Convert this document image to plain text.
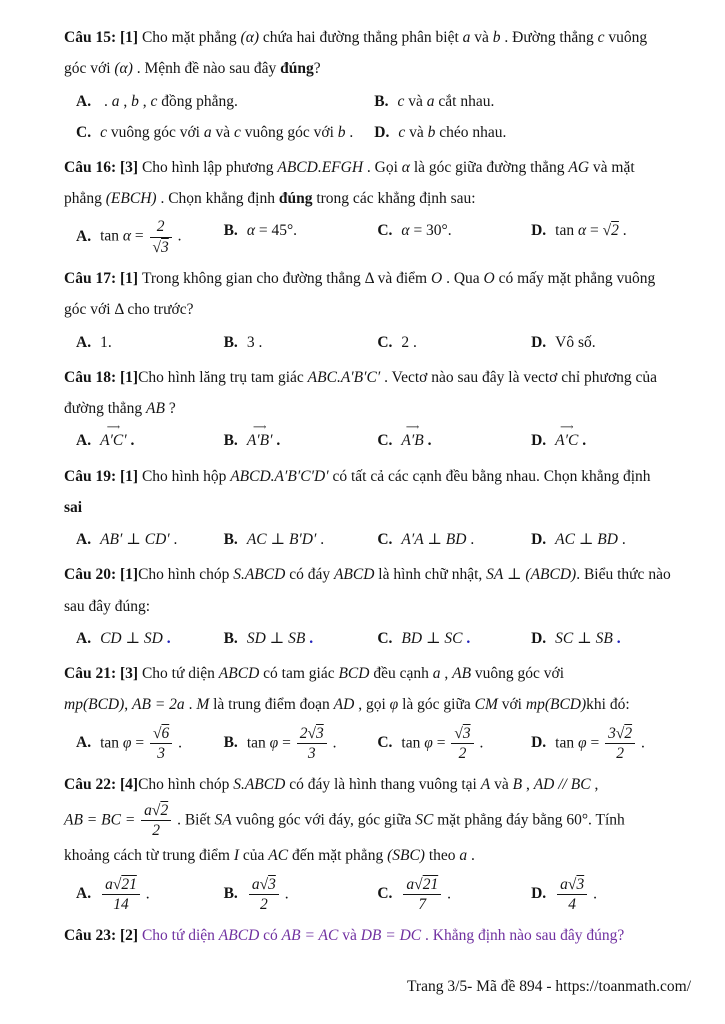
Câu 15: [1] Cho mặt phẳng (α) chứa hai đường thẳng phân biệt a và b . Đường thẳng c vuông
góc với (α) . Mệnh đề nào sau đây đúng?
A. . a , b , c đồng phẳng.	B. c và a cắt nhau.
C. c vuông góc với a và c vuông góc với b .	D. c và b chéo nhau.
Câu 16: [3] Cho hình lập phương ABCD.EFGH . Gọi α là góc giữa đường thẳng AG và mặt
phẳng (EBCH) . Chọn khẳng định đúng trong các khẳng định sau:
A. $\tan \alpha = \frac{2}{√3}$ .	B. α = 45°.	C. α = 30°.	D. tan α = √2 .
Câu 17: [1] Trong không gian cho đường thẳng Δ và điểm O . Qua O có mấy mặt phẳng vuông
góc với Δ cho trước?
A. 1.	B. 3 .	C. 2 .	D. Vô số.
Câu 18: [1]Cho hình lăng trụ tam giác ABC.A′B′C′ . Vectơ nào sau đây là vectơ chỉ phương của
đường thẳng AB ?
A. ⟶ A′C′ .	B. ⟶ A′B′ .	C. ⟶ A′B .	D. ⟶ A′C .
Câu 19: [1] Cho hình hộp ABCD.A′B′C′D′ có tất cả các cạnh đều bằng nhau. Chọn khẳng định
sai
A. AB′ ⊥ CD′ .	B. AC ⊥ B′D′ .	C. A′A ⊥ BD .	D. AC ⊥ BD .
Câu 20: [1]Cho hình chóp S.ABCD có đáy ABCD là hình chữ nhật, SA ⊥ (ABCD). Biểu thức nào
sau đây đúng:
A. CD ⊥ SD .	B. SD ⊥ SB .	C. BD ⊥ SC .	D. SC ⊥ SB .
Câu 21: [3] Cho tứ diện ABCD có tam giác BCD đều cạnh a , AB vuông góc với
mp(BCD), AB = 2a . M là trung điểm đoạn AD , gọi φ là góc giữa CM với mp(BCD)khi đó:
A. $\tan \varphi = \frac{√6}{3}$ .	B. $\tan \varphi = \frac{2√3}{3}$ .	C. $\tan \varphi = \frac{√3}{2}$ .	D. $\tan \varphi = \frac{3√2}{2}$ .
Câu 22: [4]Cho hình chóp S.ABCD có đáy là hình thang vuông tại A và B , AD // BC ,
AB = BC = $\frac{a√2}{2}$ . Biết SA vuông góc với đáy, góc giữa SC mặt phẳng đáy bằng 60°. Tính
khoảng cách từ trung điểm I của AC đến mặt phẳng (SBC) theo a .
A. $\frac{a√21}{14}$ .	B. $\frac{a√3}{2}$ .	C. $\frac{a√21}{7}$ .	D. $\frac{a√3}{4}$ .
Câu 23: [2] Cho tứ diện ABCD có AB = AC và DB = DC . Khẳng định nào sau đây đúng?
Trang 3/5- Mã đề 894 - https://toanmath.com/
